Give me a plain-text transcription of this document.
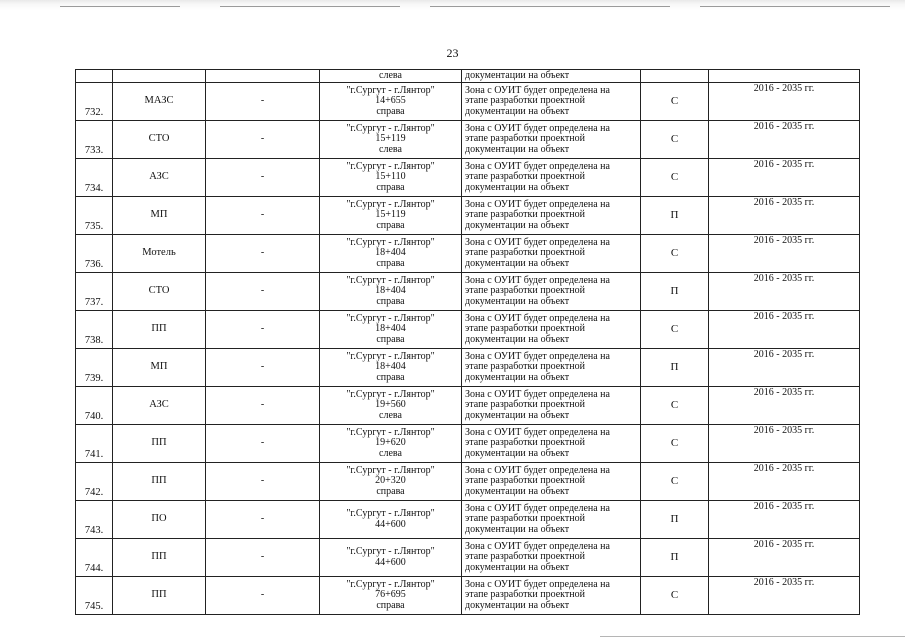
23

			слева	документации на объект		

732.	МАЗС	-	"г.Сургут - г.Лянтор"
14+655
справа	Зона с ОУИТ будет определена на
этапе разработки проектной
документации на объект	С	2016 - 2035 гг.

733.	СТО	-	"г.Сургут - г.Лянтор"
15+119
слева	Зона с ОУИТ будет определена на
этапе разработки проектной
документации на объект	С	2016 - 2035 гг.

734.	АЗС	-	"г.Сургут - г.Лянтор"
15+110
справа	Зона с ОУИТ будет определена на
этапе разработки проектной
документации на объект	С	2016 - 2035 гг.

735.	МП	-	"г.Сургут - г.Лянтор"
15+119
справа	Зона с ОУИТ будет определена на
этапе разработки проектной
документации на объект	П	2016 - 2035 гг.

736.	Мотель	-	"г.Сургут - г.Лянтор"
18+404
справа	Зона с ОУИТ будет определена на
этапе разработки проектной
документации на объект	С	2016 - 2035 гг.

737.	СТО	-	"г.Сургут - г.Лянтор"
18+404
справа	Зона с ОУИТ будет определена на
этапе разработки проектной
документации на объект	П	2016 - 2035 гг.

738.	ПП	-	"г.Сургут - г.Лянтор"
18+404
справа	Зона с ОУИТ будет определена на
этапе разработки проектной
документации на объект	С	2016 - 2035 гг.

739.	МП	-	"г.Сургут - г.Лянтор"
18+404
справа	Зона с ОУИТ будет определена на
этапе разработки проектной
документации на объект	П	2016 - 2035 гг.

740.	АЗС	-	"г.Сургут - г.Лянтор"
19+560
слева	Зона с ОУИТ будет определена на
этапе разработки проектной
документации на объект	С	2016 - 2035 гг.

741.	ПП	-	"г.Сургут - г.Лянтор"
19+620
слева	Зона с ОУИТ будет определена на
этапе разработки проектной
документации на объект	С	2016 - 2035 гг.

742.	ПП	-	"г.Сургут - г.Лянтор"
20+320
справа	Зона с ОУИТ будет определена на
этапе разработки проектной
документации на объект	С	2016 - 2035 гг.

743.	ПО	-	"г.Сургут - г.Лянтор"
44+600	Зона с ОУИТ будет определена на
этапе разработки проектной
документации на объект	П	2016 - 2035 гг.

744.	ПП	-	"г.Сургут - г.Лянтор"
44+600	Зона с ОУИТ будет определена на
этапе разработки проектной
документации на объект	П	2016 - 2035 гг.

745.	ПП	-	"г.Сургут - г.Лянтор"
76+695
справа	Зона с ОУИТ будет определена на
этапе разработки проектной
документации на объект	С	2016 - 2035 гг.
